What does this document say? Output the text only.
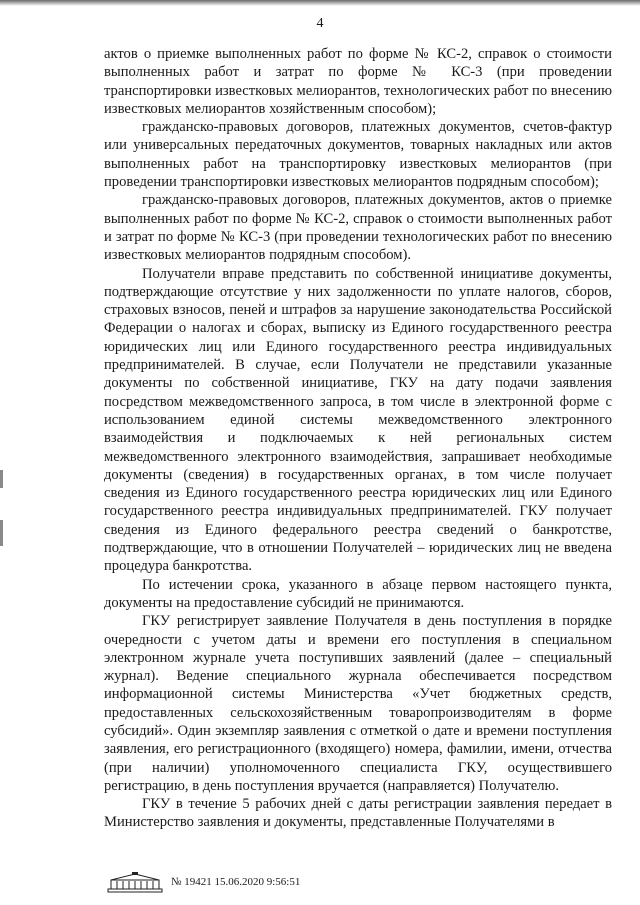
4

актов о приемке выполненных работ по форме № КС-2, справок о стоимости выполненных работ и затрат по форме № КС-3 (при проведении транспортировки известковых мелиорантов, технологических работ по внесению известковых мелиорантов хозяйственным способом);

гражданско-правовых договоров, платежных документов, счетов-фактур или универсальных передаточных документов, товарных накладных или актов выполненных работ на транспортировку известковых мелиорантов (при проведении транспортировки известковых мелиорантов подрядным способом);

гражданско-правовых договоров, платежных документов, актов о приемке выполненных работ по форме № КС-2, справок о стоимости выполненных работ и затрат по форме № КС-3 (при проведении технологических работ по внесению известковых мелиорантов подрядным способом).

Получатели вправе представить по собственной инициативе документы, подтверждающие отсутствие у них задолженности по уплате налогов, сборов, страховых взносов, пеней и штрафов за нарушение законодательства Российской Федерации о налогах и сборах, выписку из Единого государственного реестра юридических лиц или Единого государственного реестра индивидуальных предпринимателей. В случае, если Получатели не представили указанные документы по собственной инициативе, ГКУ на дату подачи заявления посредством межведомственного запроса, в том числе в электронной форме с использованием единой системы межведомственного электронного взаимодействия и подключаемых к ней региональных систем межведомственного электронного взаимодействия, запрашивает необходимые документы (сведения) в государственных органах, в том числе получает сведения из Единого государственного реестра юридических лиц или Единого государственного реестра индивидуальных предпринимателей. ГКУ получает сведения из Единого федерального реестра сведений о банкротстве, подтверждающие, что в отношении Получателей – юридических лиц не введена процедура банкротства.

По истечении срока, указанного в абзаце первом настоящего пункта, документы на предоставление субсидий не принимаются.

ГКУ регистрирует заявление Получателя в день поступления в порядке очередности с учетом даты и времени его поступления в специальном электронном журнале учета поступивших заявлений (далее – специальный журнал). Ведение специального журнала обеспечивается посредством информационной системы Министерства «Учет бюджетных средств, предоставленных сельскохозяйственным товаропроизводителям в форме субсидий». Один экземпляр заявления с отметкой о дате и времени поступления заявления, его регистрационного (входящего) номера, фамилии, имени, отчества (при наличии) уполномоченного специалиста ГКУ, осуществившего регистрацию, в день поступления вручается (направляется) Получателю.

ГКУ в течение 5 рабочих дней с даты регистрации заявления передает в Министерство заявления и документы, представленные Получателями в

№ 19421 15.06.2020 9:56:51
